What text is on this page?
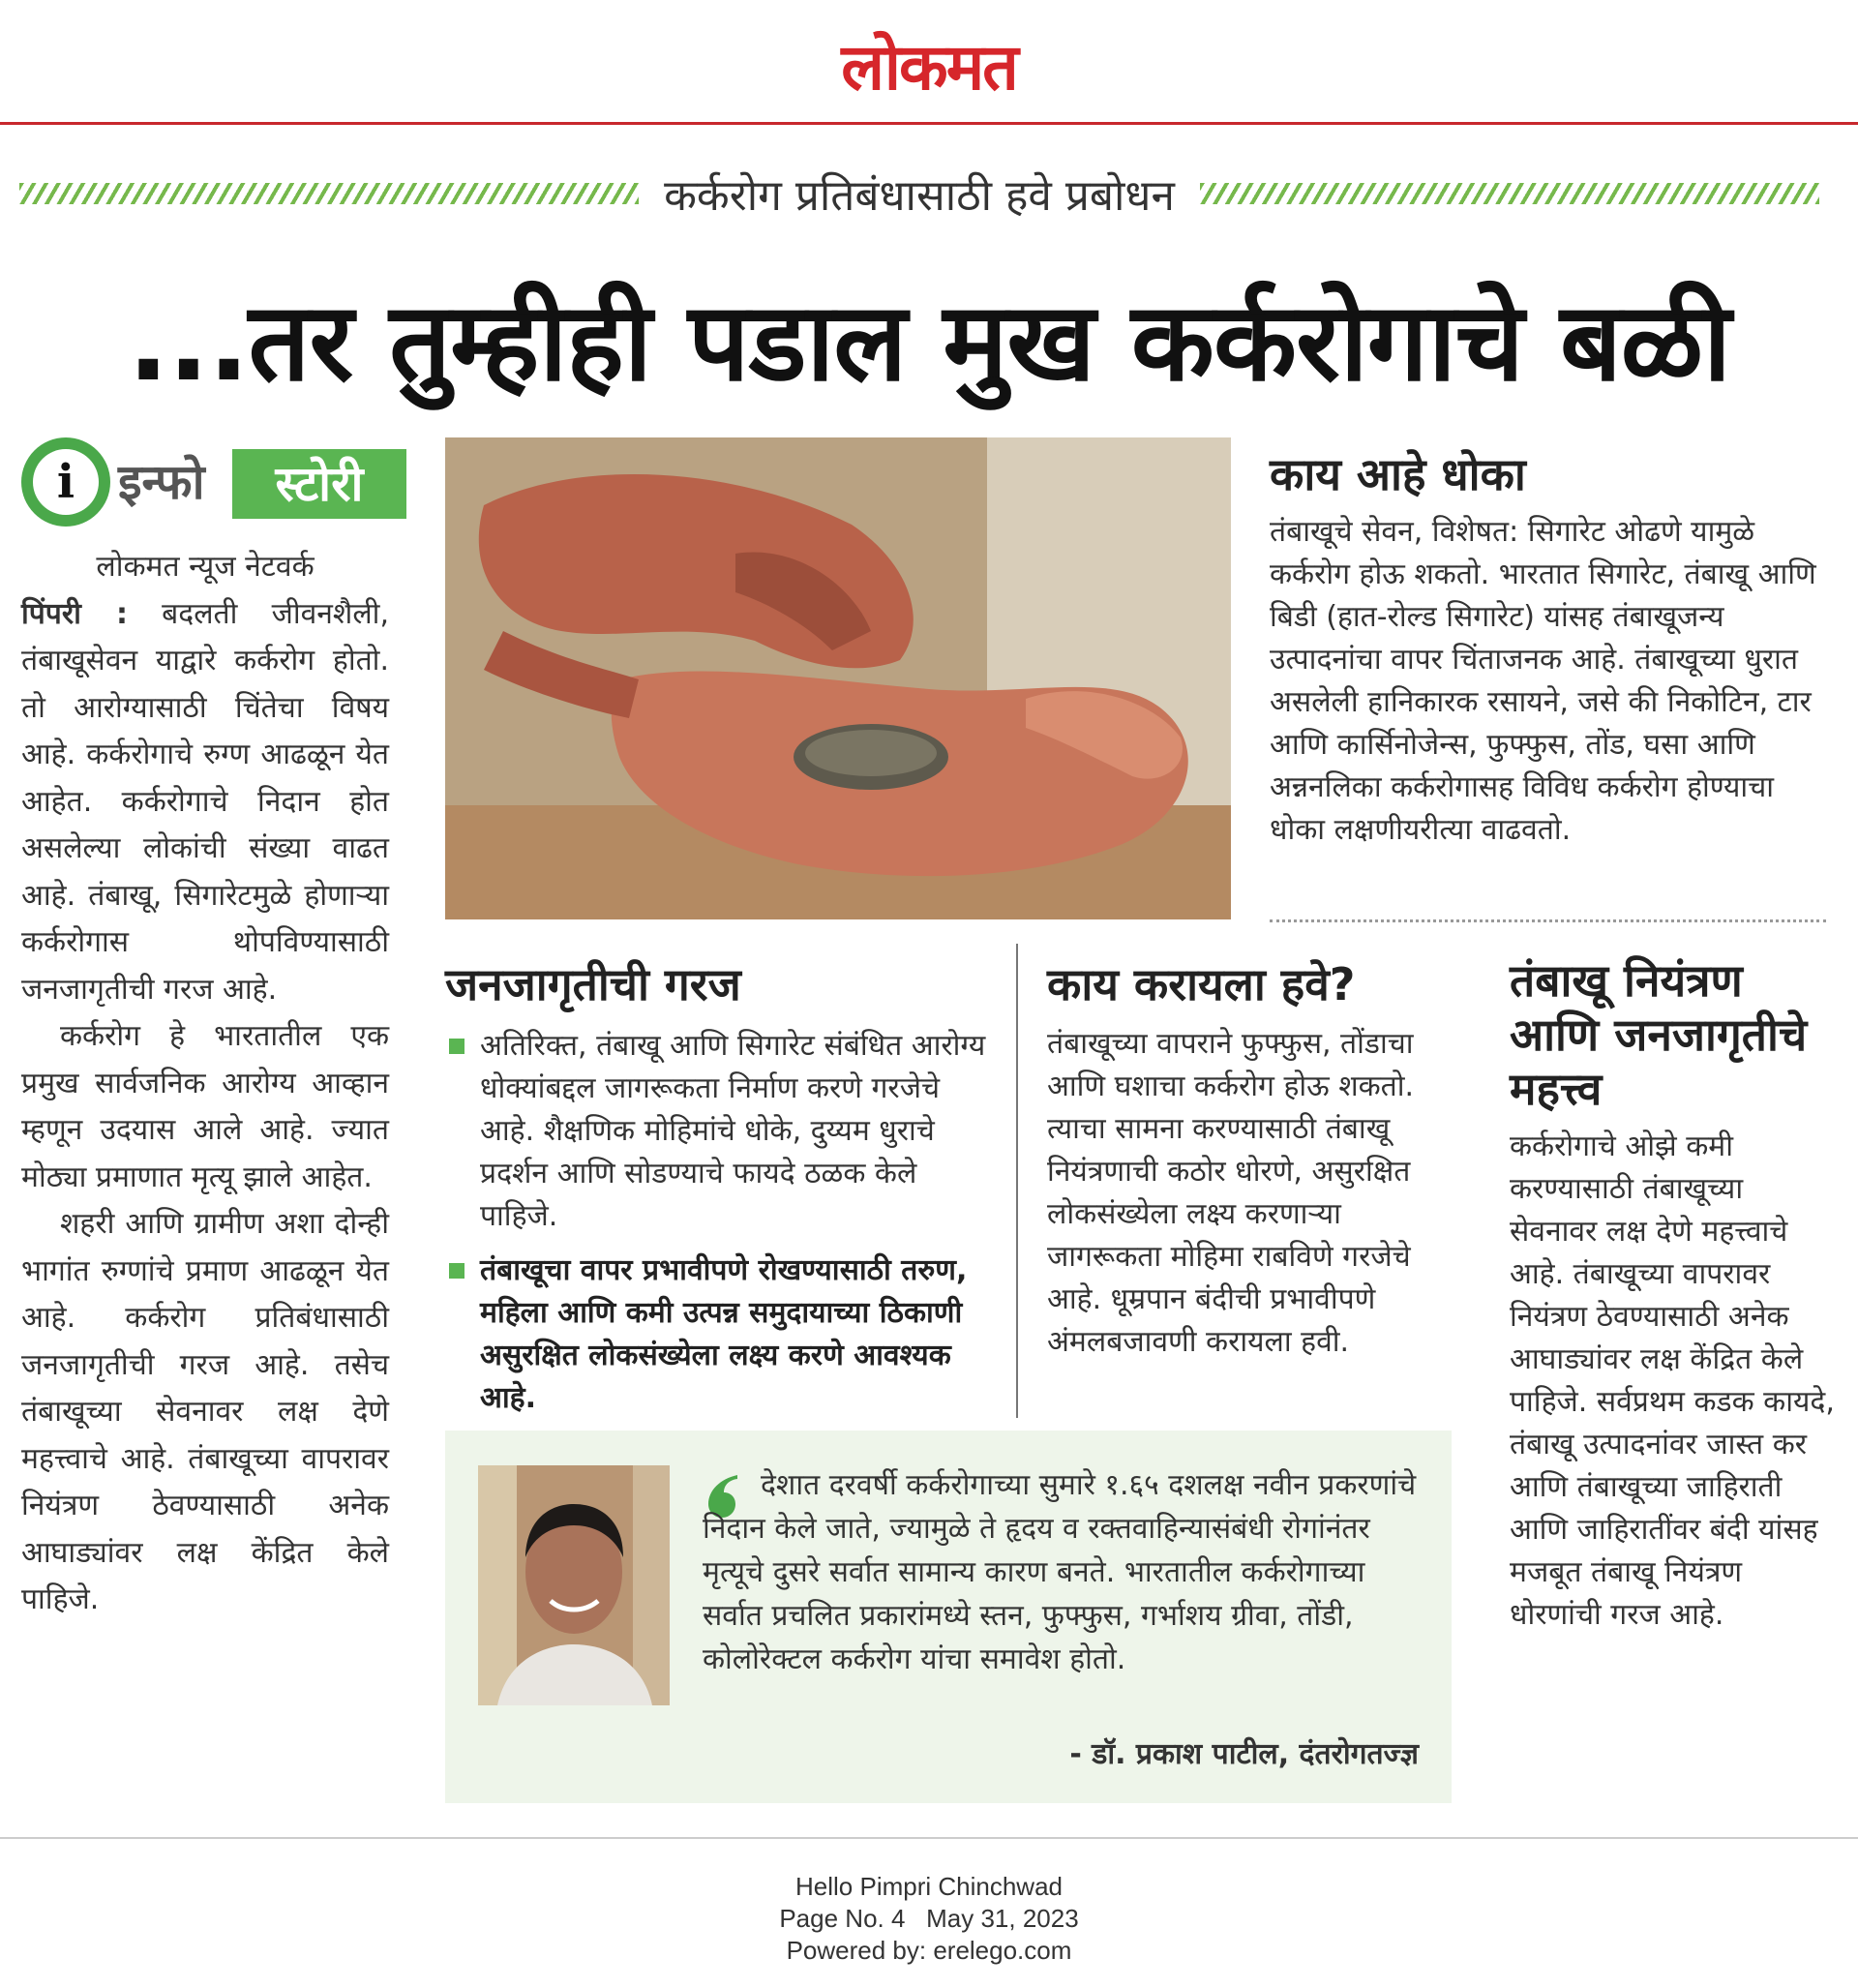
लोकमत
कर्करोग प्रतिबंधासाठी हवे प्रबोधन
...तर तुम्हीही पडाल मुख कर्करोगाचे बळी
i इन्फो	स्टोरी

लोकमत न्यूज नेटवर्क

पिंपरी : बदलती जीवनशैली, तंबाखूसेवन याद्वारे कर्करोग होतो. तो आरोग्यासाठी चिंतेचा विषय आहे. कर्करोगाचे रुग्ण आढळून येत आहेत. कर्करोगाचे निदान होत असलेल्या लोकांची संख्या वाढत आहे. तंबाखू, सिगारेटमुळे होणाऱ्या कर्करोगास थोपविण्यासाठी जनजागृतीची गरज आहे.

कर्करोग हे भारतातील एक प्रमुख सार्वजनिक आरोग्य आव्हान म्हणून उदयास आले आहे. ज्यात मोठ्या प्रमाणात मृत्यू झाले आहेत.

शहरी आणि ग्रामीण अशा दोन्ही भागांत रुग्णांचे प्रमाण आढळून येत आहे. कर्करोग प्रतिबंधासाठी जनजागृतीची गरज आहे. तसेच तंबाखूच्या सेवनावर लक्ष देणे महत्त्वाचे आहे. तंबाखूच्या वापरावर नियंत्रण ठेवण्यासाठी अनेक आघाड्यांवर लक्ष केंद्रित केले पाहिजे.

काय आहे धोका

तंबाखूचे सेवन, विशेषत: सिगारेट ओढणे यामुळे कर्करोग होऊ शकतो. भारतात सिगारेट, तंबाखू आणि बिडी (हात-रोल्ड सिगारेट) यांसह तंबाखूजन्य उत्पादनांचा वापर चिंताजनक आहे. तंबाखूच्या धुरात असलेली हानिकारक रसायने, जसे की निकोटिन, टार आणि कार्सिनोजेन्स, फुफ्फुस, तोंड, घसा आणि अन्ननलिका कर्करोगासह विविध कर्करोग होण्याचा धोका लक्षणीयरीत्या वाढवतो.

जनजागृतीची गरज
अतिरिक्त, तंबाखू आणि सिगारेट संबंधित आरोग्य धोक्यांबद्दल जागरूकता निर्माण करणे गरजेचे आहे. शैक्षणिक मोहिमांचे धोके, दुय्यम धुराचे प्रदर्शन आणि सोडण्याचे फायदे ठळक केले पाहिजे.
तंबाखूचा वापर प्रभावीपणे रोखण्यासाठी तरुण, महिला आणि कमी उत्पन्न समुदायाच्या ठिकाणी असुरक्षित लोकसंख्येला लक्ष्य करणे आवश्यक आहे.
काय करायला हवे?

तंबाखूच्या वापराने फुफ्फुस, तोंडाचा आणि घशाचा कर्करोग होऊ शकतो. त्याचा सामना करण्यासाठी तंबाखू नियंत्रणाची कठोर धोरणे, असुरक्षित लोकसंख्येला लक्ष्य करणाऱ्या जागरूकता मोहिमा राबविणे गरजेचे आहे. धूम्रपान बंदीची प्रभावीपणे अंमलबजावणी करायला हवी.

तंबाखू नियंत्रण आणि जनजागृतीचे महत्त्व

कर्करोगाचे ओझे कमी करण्यासाठी तंबाखूच्या सेवनावर लक्ष देणे महत्त्वाचे आहे. तंबाखूच्या वापरावर नियंत्रण ठेवण्यासाठी अनेक आघाड्यांवर लक्ष केंद्रित केले पाहिजे. सर्वप्रथम कडक कायदे, तंबाखू उत्पादनांवर जास्त कर आणि तंबाखूच्या जाहिराती आणि जाहिरातींवर बंदी यांसह मजबूत तंबाखू नियंत्रण धोरणांची गरज आहे.

देशात दरवर्षी कर्करोगाच्या सुमारे १.६५ दशलक्ष नवीन प्रकरणांचे निदान केले जाते, ज्यामुळे ते हृदय व रक्तवाहिन्यासंबंधी रोगांनंतर मृत्यूचे दुसरे सर्वात सामान्य कारण बनते. भारतातील कर्करोगाच्या सर्वात प्रचलित प्रकारांमध्ये स्तन, फुफ्फुस, गर्भाशय ग्रीवा, तोंडी, कोलोरेक्टल कर्करोग यांचा समावेश होतो.

- डॉ. प्रकाश पाटील, दंतरोगतज्ज्ञ
Hello Pimpri Chinchwad
Page No. 4   May 31, 2023
Powered by: erelego.com
